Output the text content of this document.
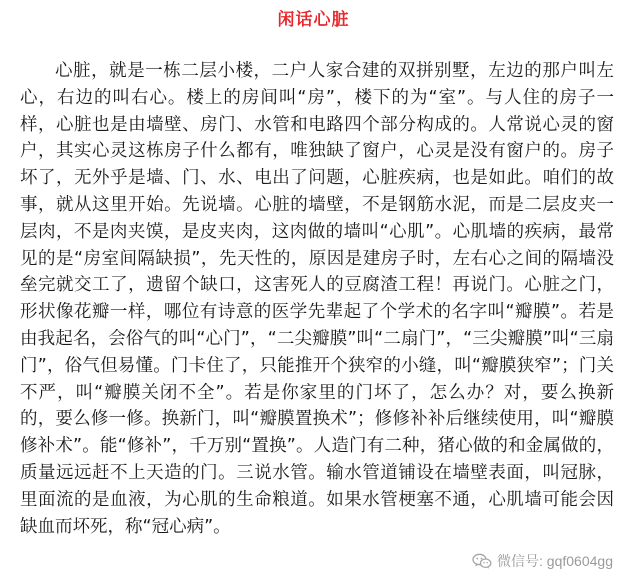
闲话心脏

心脏，就是一栋二层小楼，二户人家合建的双拼别墅，左边的那户叫左心，右边的叫右心。楼上的房间叫“房”，楼下的为“室”。与人住的房子一样，心脏也是由墙壁、房门、水管和电路四个部分构成的。人常说心灵的窗户，其实心灵这栋房子什么都有，唯独缺了窗户，心灵是没有窗户的。房子坏了，无外乎是墙、门、水、电出了问题，心脏疾病，也是如此。咱们的故事，就从这里开始。先说墙。心脏的墙壁，不是钢筋水泥，而是二层皮夹一层肉，不是肉夹馍，是皮夹肉，这肉做的墙叫“心肌”。心肌墙的疾病，最常见的是“房室间隔缺损”，先天性的，原因是建房子时，左右心之间的隔墙没垒完就交工了，遗留个缺口，这害死人的豆腐渣工程！再说门。心脏之门，形状像花瓣一样，哪位有诗意的医学先辈起了个学术的名字叫“瓣膜”。若是由我起名，会俗气的叫“心门”，“二尖瓣膜”叫“二扇门”，“三尖瓣膜”叫“三扇门”，俗气但易懂。门卡住了，只能推开个狭窄的小缝，叫“瓣膜狭窄”；门关不严，叫“瓣膜关闭不全”。若是你家里的门坏了，怎么办？对，要么换新的，要么修一修。换新门，叫“瓣膜置换术”；修修补补后继续使用，叫“瓣膜修补术”。能“修补”，千万别“置换”。人造门有二种，猪心做的和金属做的，质量远远赶不上天造的门。三说水管。输水管道铺设在墙壁表面，叫冠脉，里面流的是血液，为心肌的生命粮道。如果水管梗塞不通，心肌墙可能会因缺血而坏死，称“冠心病”。

微信号: gqf0604gg
